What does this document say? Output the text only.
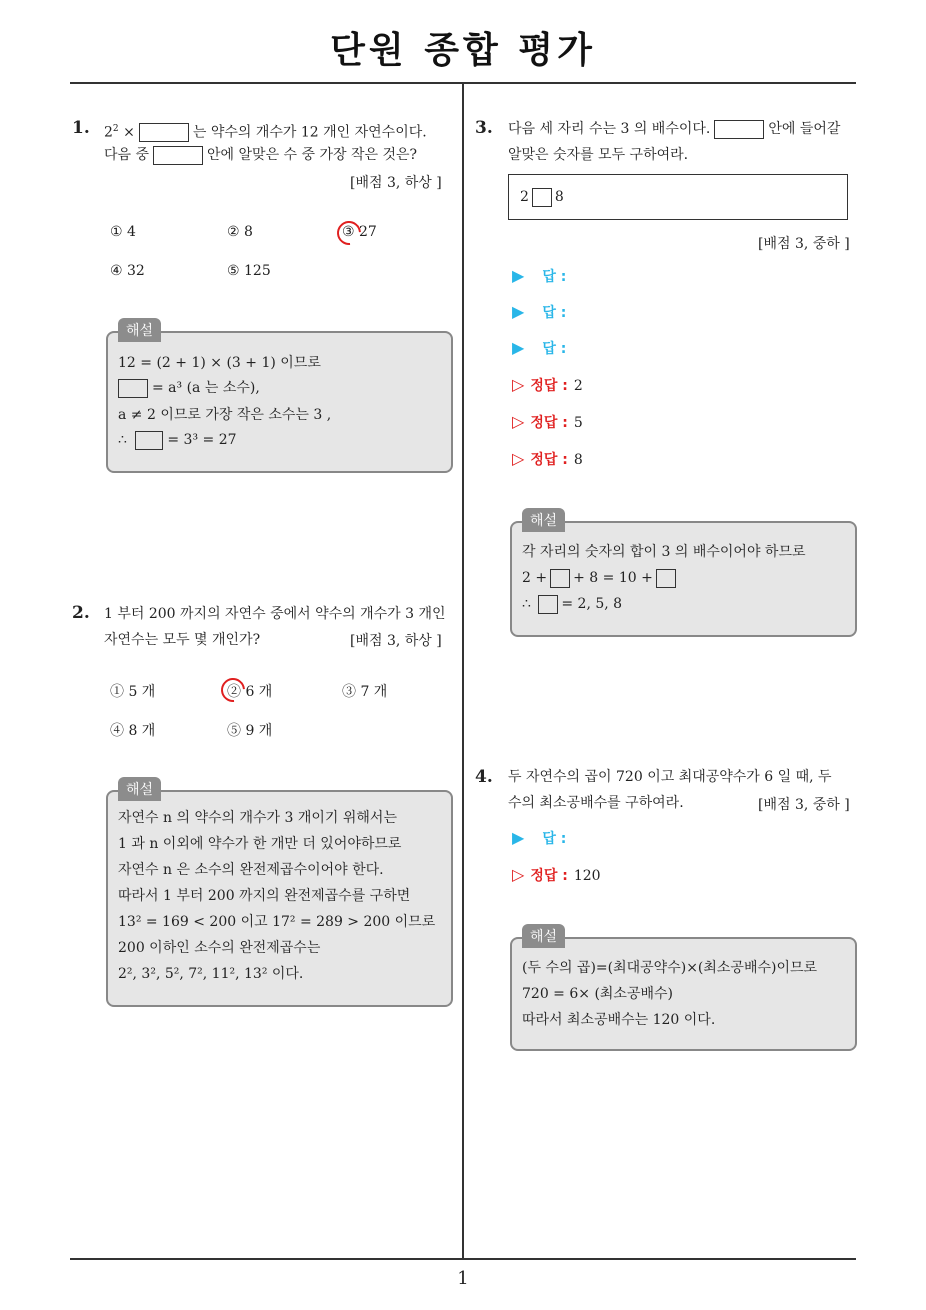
단원 종합 평가
1
1. $2^2$ ×	는 약수의 개수가 12 개인 자연수이다.
다음 중	안에 알맞은 수 중 가장 작은 것은?
[배점 3, 하상 ]
① 4	② 8	③ 27
④ 32	⑤ 125
해설
12 = (2 + 1) × (3 + 1) 이므로
= a³ (a 는 소수),
a ≠ 2 이므로 가장 작은 소수는 3 ,
∴	= 3³ = 27
2. 1 부터 200 까지의 자연수 중에서 약수의 개수가 3 개인
자연수는 모두 몇 개인가?	[배점 3, 하상 ]
① 5 개	② 6 개	③ 7 개
④ 8 개	⑤ 9 개
해설
자연수 n 의 약수의 개수가 3 개이기 위해서는
1 과 n 이외에 약수가 한 개만 더 있어야하므로
자연수 n 은 소수의 완전제곱수이어야 한다.
따라서 1 부터 200 까지의 완전제곱수를 구하면
13² = 169 < 200 이고 17² = 289 > 200 이므로
200 이하인 소수의 완전제곱수는
2², 3², 5², 7², 11², 13² 이다.
3. 다음 세 자리 수는 3 의 배수이다.	안에 들어갈
알맞은 숫자를 모두 구하여라.
2 8
[배점 3, 중하 ]
▶ 답 :
▶ 답 :
▶ 답 :
▷ 정답 : 2
▷ 정답 : 5
▷ 정답 : 8
해설
각 자리의 숫자의 합이 3 의 배수이어야 하므로
2 + + 8 = 10 +
∴ = 2, 5, 8
4. 두 자연수의 곱이 720 이고 최대공약수가 6 일 때, 두
수의 최소공배수를 구하여라.	[배점 3, 중하 ]
▶ 답 :
▷ 정답 : 120
해설
(두 수의 곱)=(최대공약수)×(최소공배수)이므로
720 = 6× (최소공배수)
따라서 최소공배수는 120 이다.
